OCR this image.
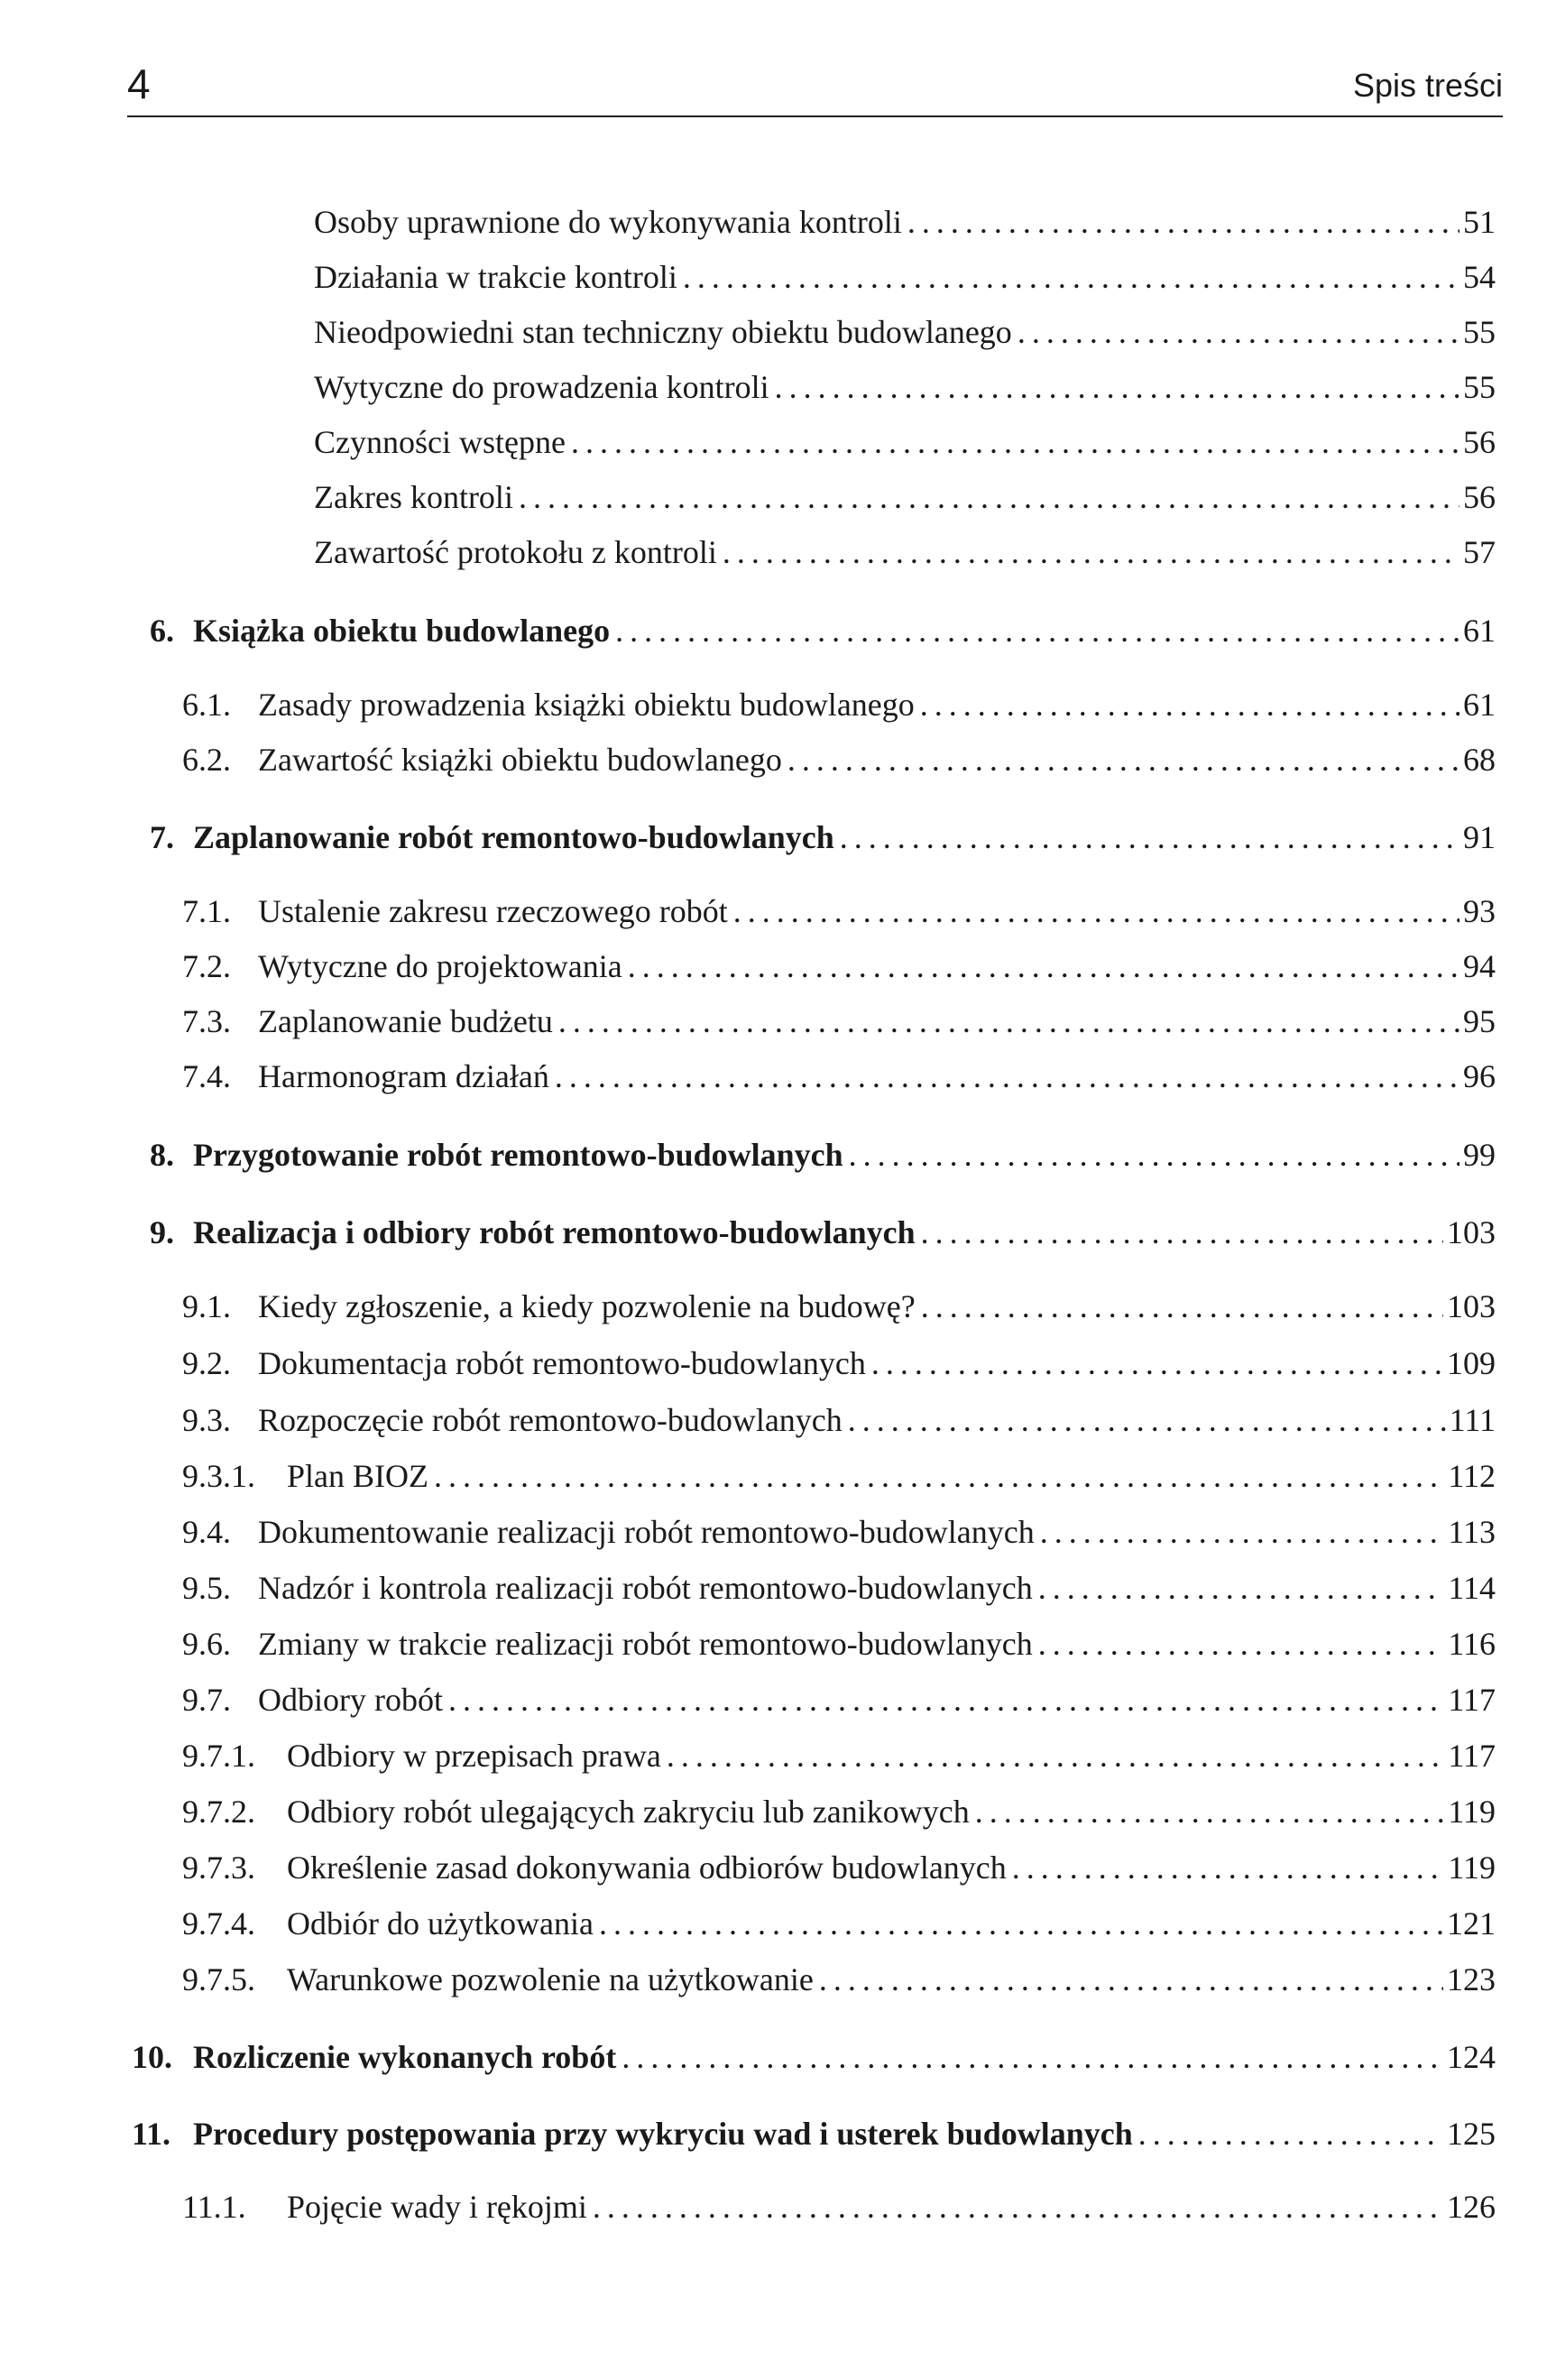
4	Spis treści
Osoby uprawnione do wykonywania kontroli .....	51
Działania w trakcie kontroli .....	54
Nieodpowiedni stan techniczny obiektu budowlanego .....	55
Wytyczne do prowadzenia kontroli .....	55
Czynności wstępne .....	56
Zakres kontroli .....	56
Zawartość protokołu z kontroli .....	57
6. Książka obiektu budowlanego .....	61
6.1. Zasady prowadzenia książki obiektu budowlanego .....	61
6.2. Zawartość książki obiektu budowlanego .....	68
7. Zaplanowanie robót remontowo-budowlanych .....	91
7.1. Ustalenie zakresu rzeczowego robót .....	93
7.2. Wytyczne do projektowania .....	94
7.3. Zaplanowanie budżetu .....	95
7.4. Harmonogram działań .....	96
8. Przygotowanie robót remontowo-budowlanych .....	99
9. Realizacja i odbiory robót remontowo-budowlanych .....	103
9.1. Kiedy zgłoszenie, a kiedy pozwolenie na budowę? .....	103
9.2. Dokumentacja robót remontowo-budowlanych .....	109
9.3. Rozpoczęcie robót remontowo-budowlanych .....	111
9.3.1. Plan BIOZ .....	112
9.4. Dokumentowanie realizacji robót remontowo-budowlanych .....	113
9.5. Nadzór i kontrola realizacji robót remontowo-budowlanych .....	114
9.6. Zmiany w trakcie realizacji robót remontowo-budowlanych .....	116
9.7. Odbiory robót .....	117
9.7.1. Odbiory w przepisach prawa .....	117
9.7.2. Odbiory robót ulegających zakryciu lub zanikowych .....	119
9.7.3. Określenie zasad dokonywania odbiorów budowlanych .....	119
9.7.4. Odbiór do użytkowania .....	121
9.7.5. Warunkowe pozwolenie na użytkowanie .....	123
10. Rozliczenie wykonanych robót .....	124
11. Procedury postępowania przy wykryciu wad i usterek budowlanych .....	125
11.1.	Pojęcie wady i rękojmi .....	126
